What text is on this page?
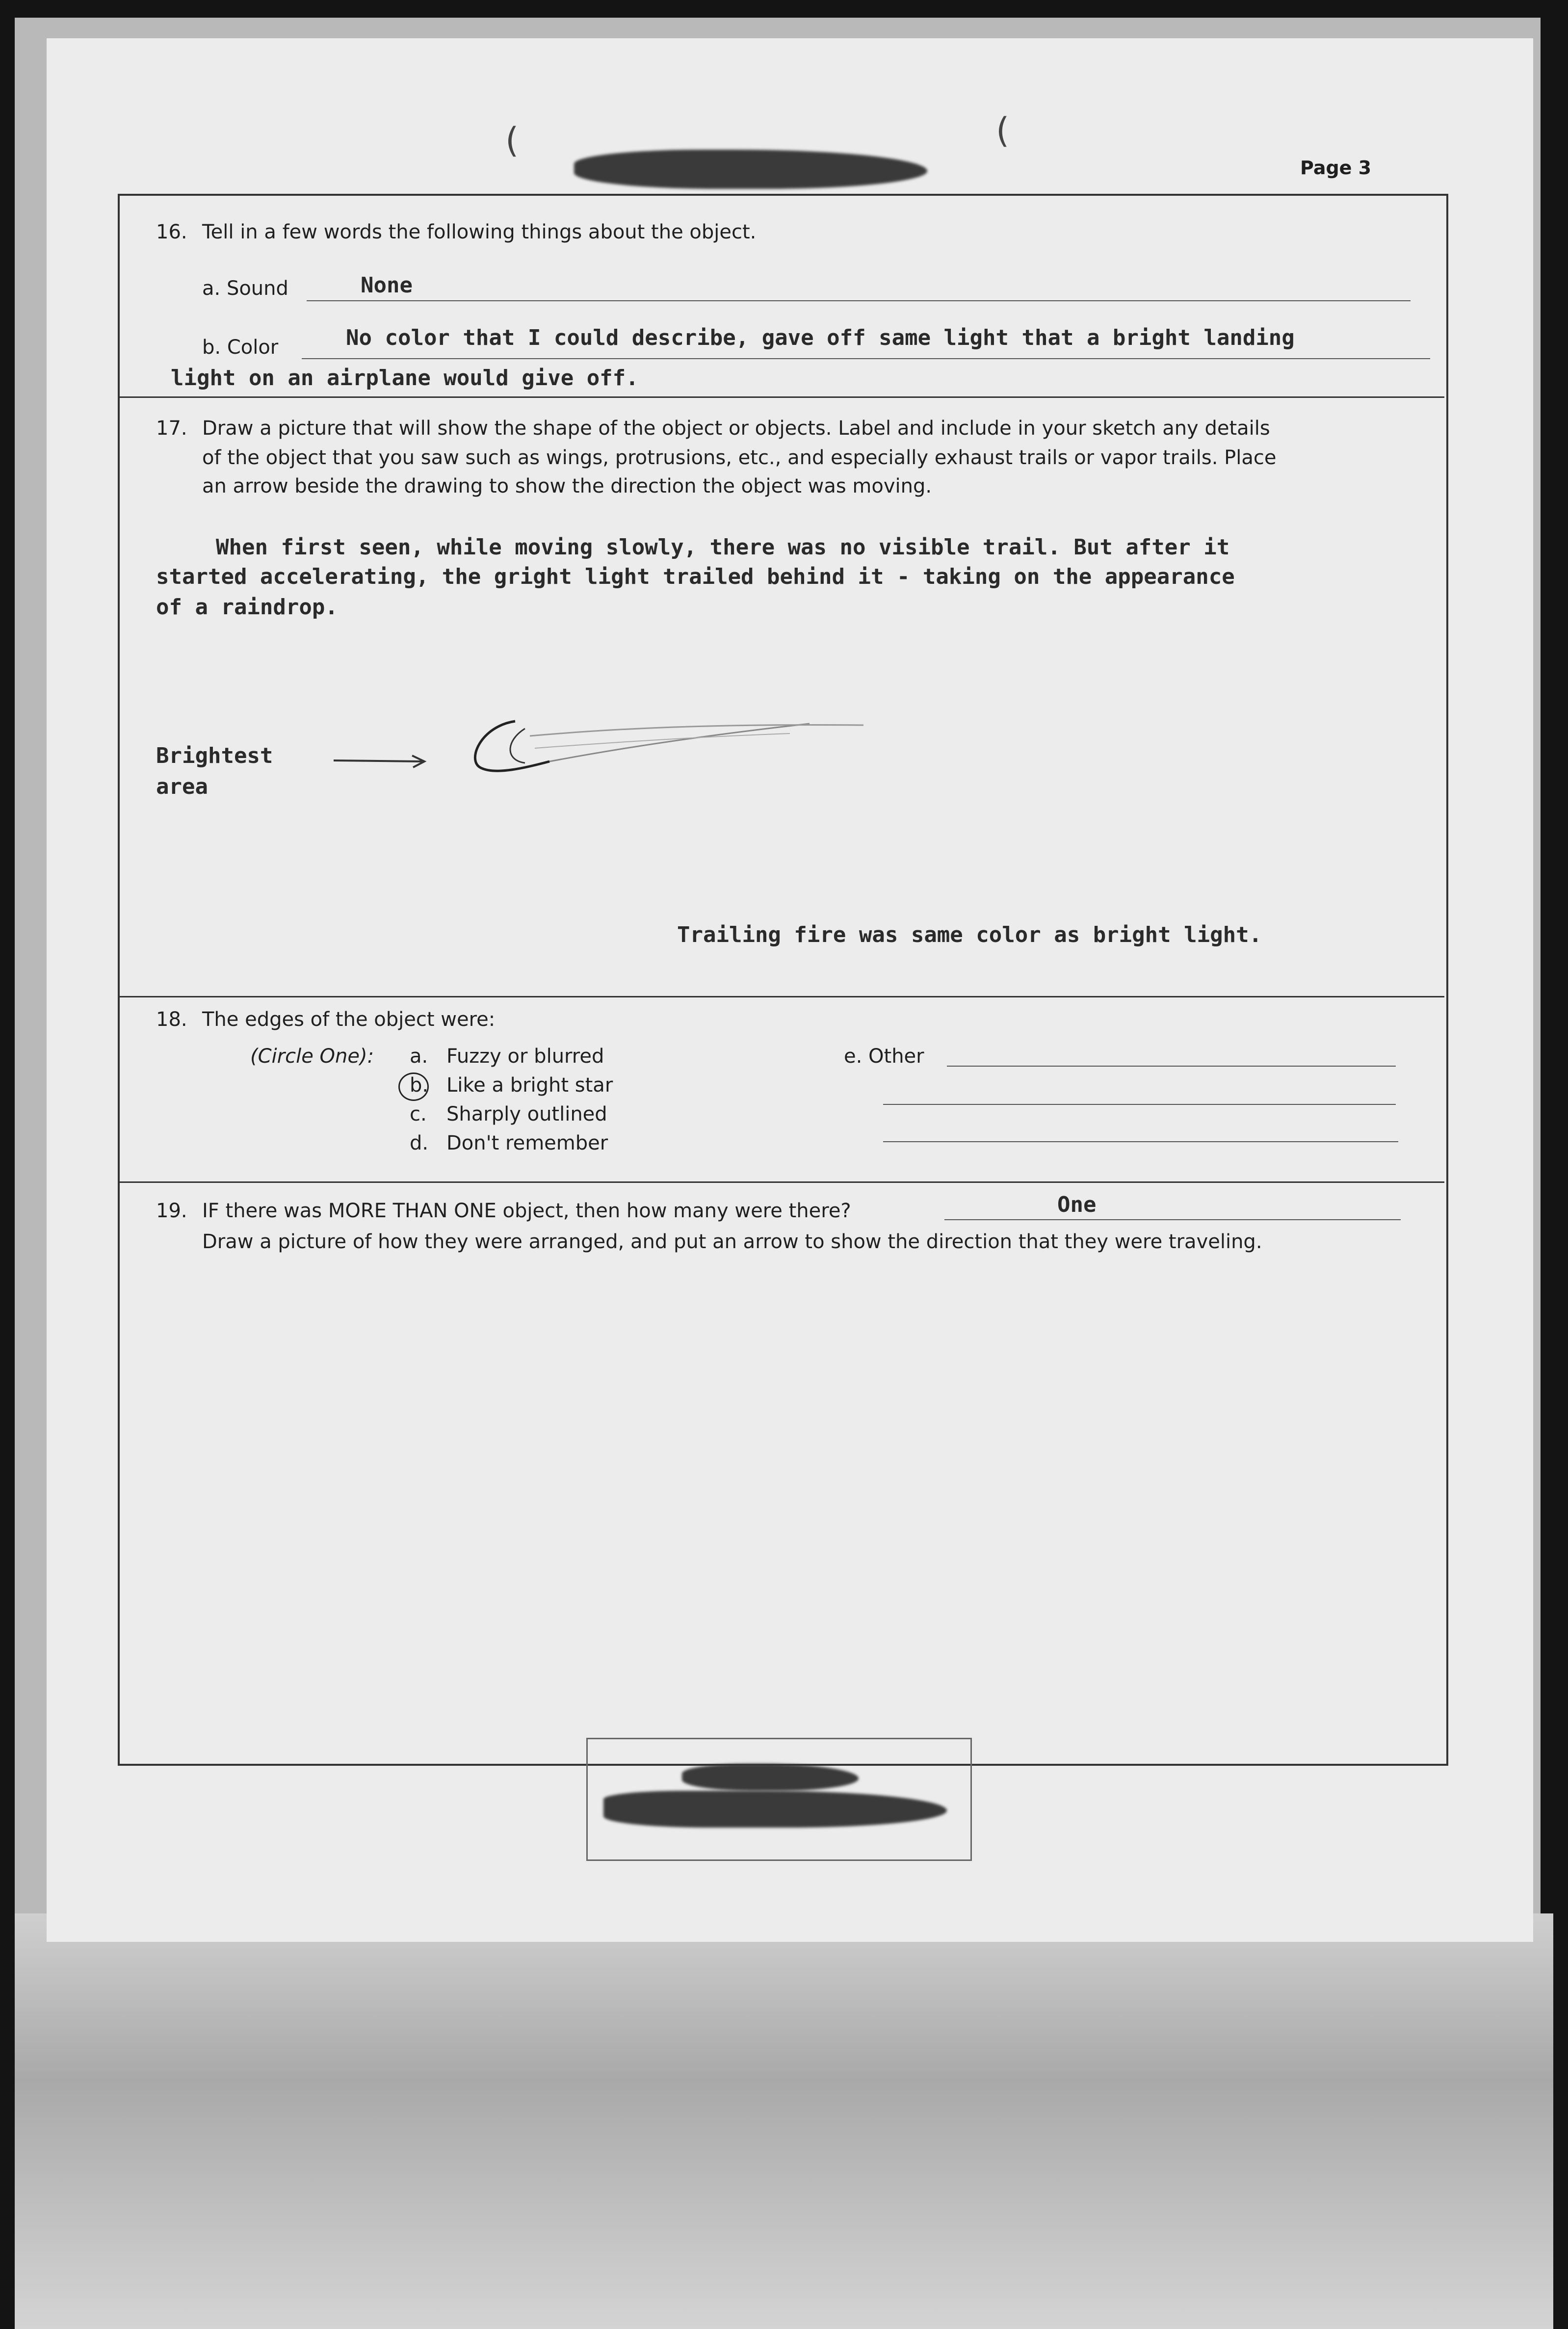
Page 3
(	(
16. Tell in a few words the following things about the object.
a. Sound	None
b. Color	No color that I could describe, gave off same light that a bright landing
light on an airplane would give off.
17. Draw a picture that will show the shape of the object or objects. Label and include in your sketch any details
of the object that you saw such as wings, protrusions, etc., and especially exhaust trails or vapor trails. Place
an arrow beside the drawing to show the direction the object was moving.
When first seen, while moving slowly, there was no visible trail. But after it
started accelerating, the gright light trailed behind it - taking on the appearance
of a raindrop.
Brightest
area
Trailing fire was same color as bright light.
18. The edges of the object were:
(Circle One): a. Fuzzy or blurred
b. Like a bright star
c. Sharply outlined
d. Don't remember
e. Other
19. IF there was MORE THAN ONE object, then how many were there?	One
Draw a picture of how they were arranged, and put an arrow to show the direction that they were traveling.
